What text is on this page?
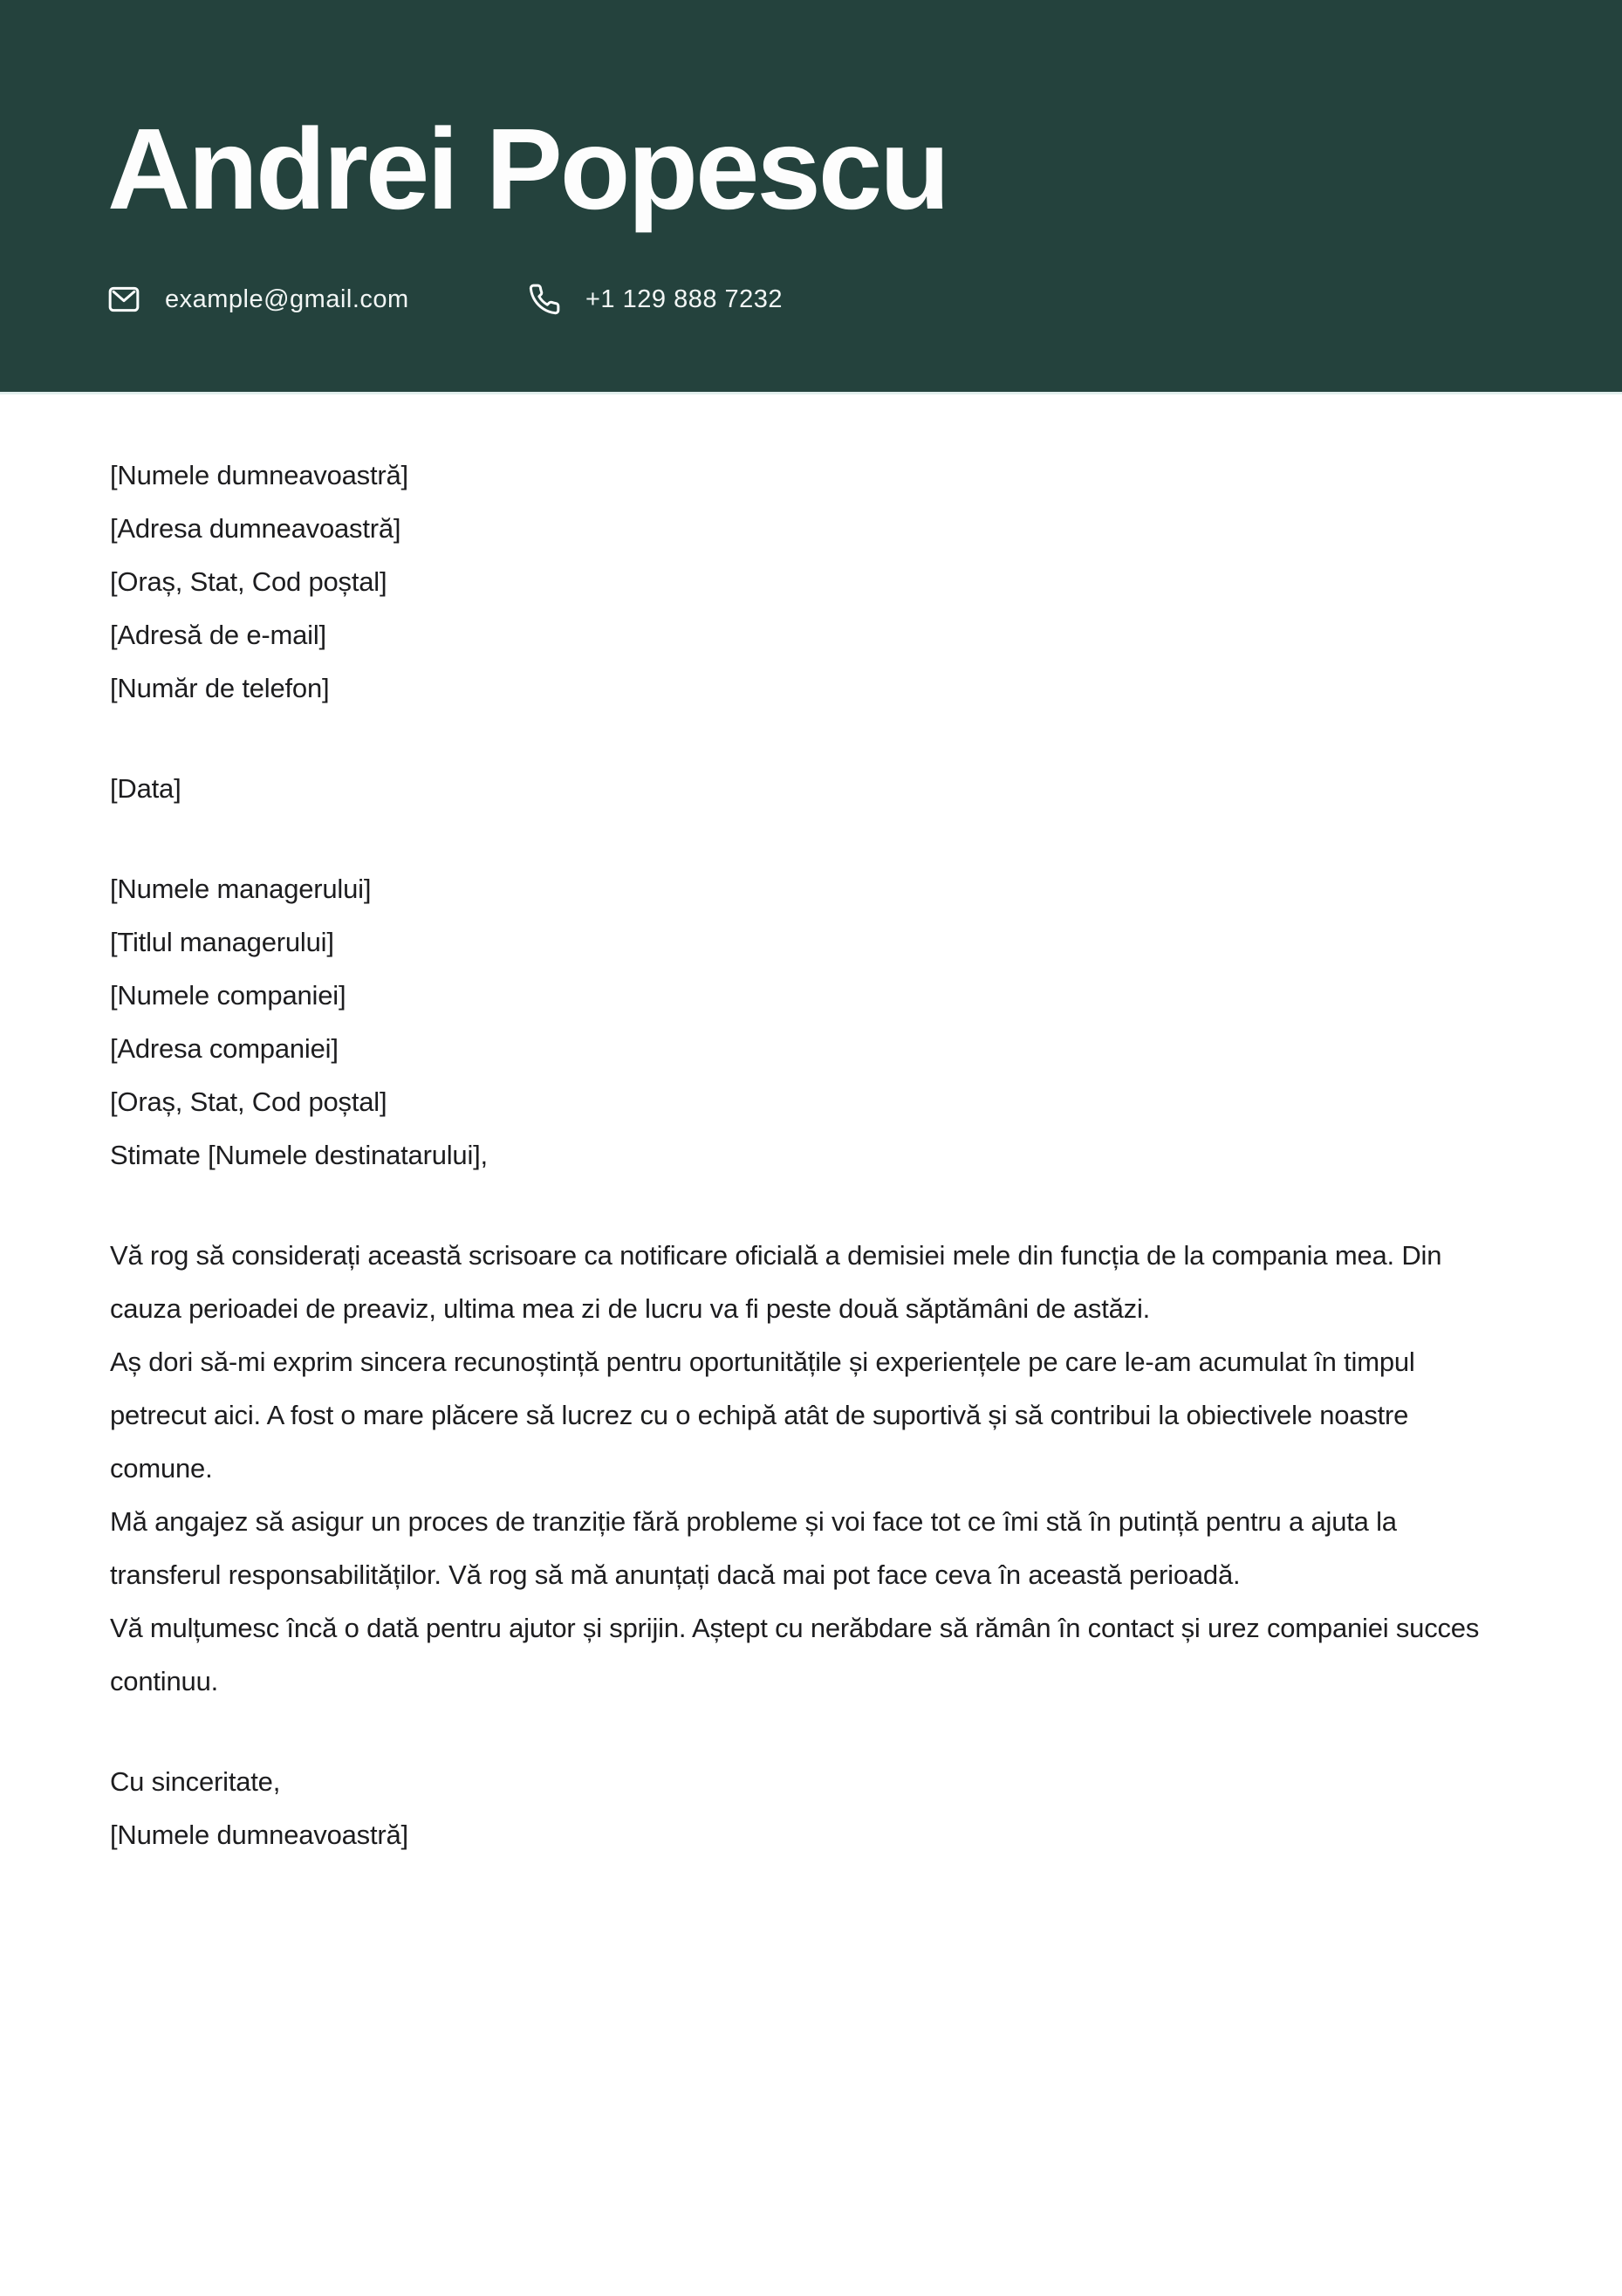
Andrei Popescu
example@gmail.com	+1 129 888 7232

[Numele dumneavoastră]

[Adresa dumneavoastră]

[Oraș, Stat, Cod poștal]

[Adresă de e-mail]

[Număr de telefon]

[Data]

[Numele managerului]

[Titlul managerului]

[Numele companiei]

[Adresa companiei]

[Oraș, Stat, Cod poștal]

Stimate [Numele destinatarului],

Vă rog să considerați această scrisoare ca notificare oficială a demisiei mele din funcția de la compania mea. Din cauza perioadei de preaviz, ultima mea zi de lucru va fi peste două săptămâni de astăzi.

Aș dori să-mi exprim sincera recunoștință pentru oportunitățile și experiențele pe care le-am acumulat în timpul petrecut aici. A fost o mare plăcere să lucrez cu o echipă atât de suportivă și să contribui la obiectivele noastre comune.

Mă angajez să asigur un proces de tranziție fără probleme și voi face tot ce îmi stă în putință pentru a ajuta la transferul responsabilităților. Vă rog să mă anunțați dacă mai pot face ceva în această perioadă.

Vă mulțumesc încă o dată pentru ajutor și sprijin. Aștept cu nerăbdare să rămân în contact și urez companiei succes continuu.

Cu sinceritate,

[Numele dumneavoastră]
